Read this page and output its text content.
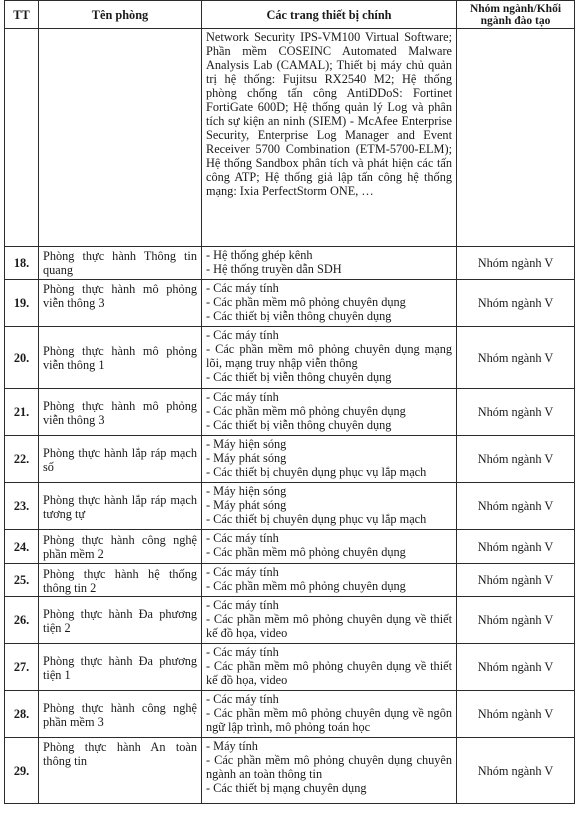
TT	Tên phòng	Các trang thiết bị chính	Nhóm ngành/Khối ngành đào tạo
		Network Security IPS-VM100 Virtual Software; Phần mềm COSEINC Automated Malware Analysis Lab (CAMAL); Thiết bị máy chủ quản trị hệ thống: Fujitsu RX2540 M2; Hệ thống phòng chống tấn công AntiDDoS: Fortinet FortiGate 600D; Hệ thống quản lý Log và phân tích sự kiện an ninh (SIEM) - McAfee Enterprise Security, Enterprise Log Manager and Event Receiver 5700 Combination (ETM-5700-ELM); Hệ thống Sandbox phân tích và phát hiện các tấn công ATP; Hệ thống giả lập tấn công hệ thống mạng: Ixia PerfectStorm ONE, …	
18.	Phòng thực hành Thông tin quang	- Hệ thống ghép kênh
- Hệ thống truyền dẫn SDH	Nhóm ngành V
19.	Phòng thực hành mô phỏng viễn thông 3	- Các máy tính
- Các phần mềm mô phỏng chuyên dụng
- Các thiết bị viễn thông chuyên dụng	Nhóm ngành V
20.	Phòng thực hành mô phỏng viễn thông 1	- Các máy tính
- Các phần mềm mô phỏng chuyên dụng mạng lõi, mạng truy nhập viễn thông
- Các thiết bị viễn thông chuyên dụng	Nhóm ngành V
21.	Phòng thực hành mô phỏng viễn thông 3	- Các máy tính
- Các phần mềm mô phỏng chuyên dụng
- Các thiết bị viễn thông chuyên dụng	Nhóm ngành V
22.	Phòng thực hành lắp ráp mạch số	- Máy hiện sóng
- Máy phát sóng
- Các thiết bị chuyên dụng phục vụ lắp mạch	Nhóm ngành V
23.	Phòng thực hành lắp ráp mạch tương tự	- Máy hiện sóng
- Máy phát sóng
- Các thiết bị chuyên dụng phục vụ lắp mạch	Nhóm ngành V
24.	Phòng thực hành công nghệ phần mềm 2	- Các máy tính
- Các phần mềm mô phỏng chuyên dụng	Nhóm ngành V
25.	Phòng thực hành hệ thống thông tin 2	- Các máy tính
- Các phần mềm mô phỏng chuyên dụng	Nhóm ngành V
26.	Phòng thực hành Đa phương tiện 2	- Các máy tính
- Các phần mềm mô phỏng chuyên dụng về thiết kế đồ họa, video	Nhóm ngành V
27.	Phòng thực hành Đa phương tiện 1	- Các máy tính
- Các phần mềm mô phỏng chuyên dụng về thiết kế đồ họa, video	Nhóm ngành V
28.	Phòng thực hành công nghệ phần mềm 3	- Các máy tính
- Các phần mềm mô phỏng chuyên dụng về ngôn ngữ lập trình, mô phỏng toán học	Nhóm ngành V
29.	Phòng thực hành An toàn thông tin	- Máy tính
- Các phần mềm mô phỏng chuyên dụng chuyên ngành an toàn thông tin
- Các thiết bị mạng chuyên dụng	Nhóm ngành V
